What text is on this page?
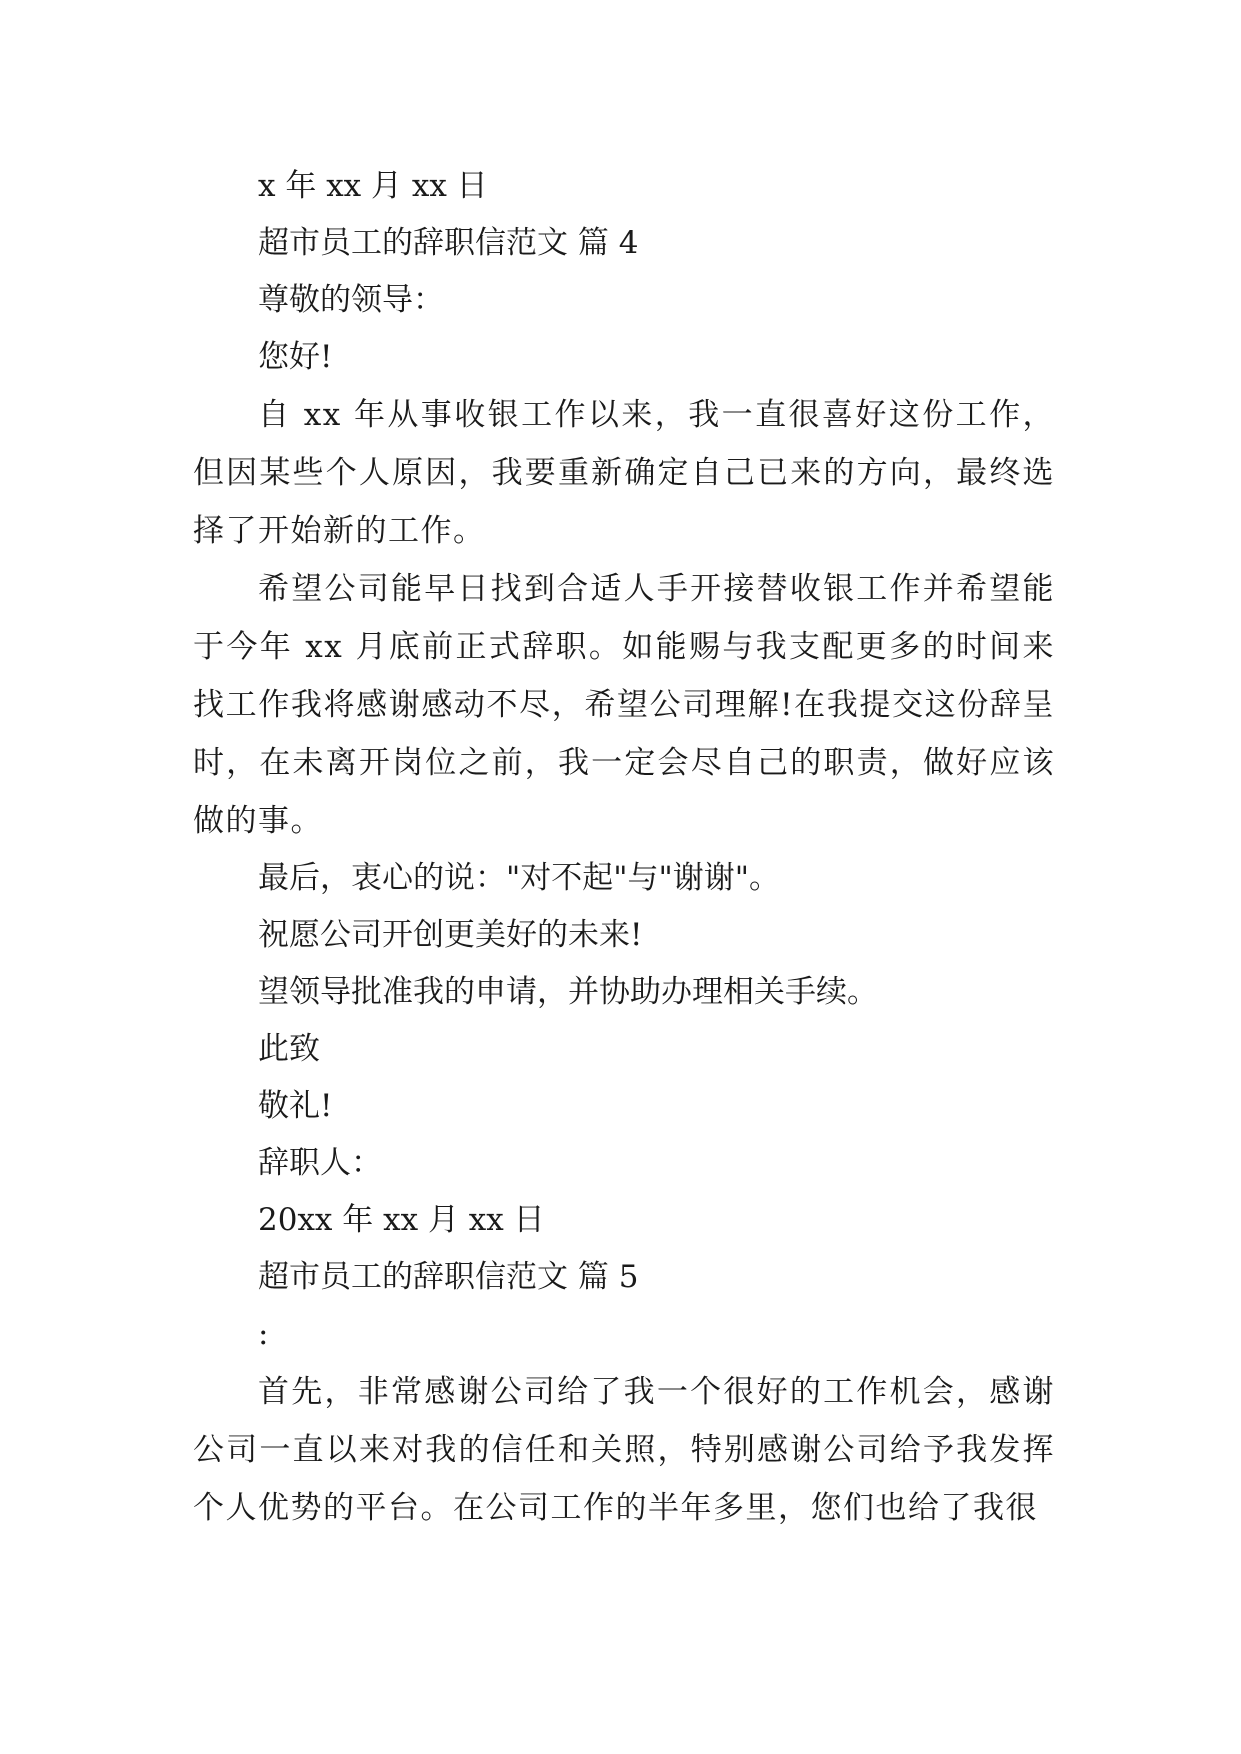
x 年 xx 月 xx 日

超市员工的辞职信范文 篇 4

尊敬的领导：

您好!

自 xx 年从事收银工作以来，我一直很喜好这份工作，但因某些个人原因，我要重新确定自己已来的方向，最终选择了开始新的工作。

希望公司能早日找到合适人手开接替收银工作并希望能于今年 xx 月底前正式辞职。如能赐与我支配更多的时间来找工作我将感谢感动不尽，希望公司理解!在我提交这份辞呈时，在未离开岗位之前，我一定会尽自己的职责，做好应该做的事。

最后，衷心的说："对不起"与"谢谢"。

祝愿公司开创更美好的未来!

望领导批准我的申请，并协助办理相关手续。

此致

敬礼!

辞职人：

20xx 年 xx 月 xx 日

超市员工的辞职信范文 篇 5

:

首先，非常感谢公司给了我一个很好的工作机会，感谢公司一直以来对我的信任和关照，特别感谢公司给予我发挥个人优势的平台。在公司工作的半年多里，您们也给了我很
